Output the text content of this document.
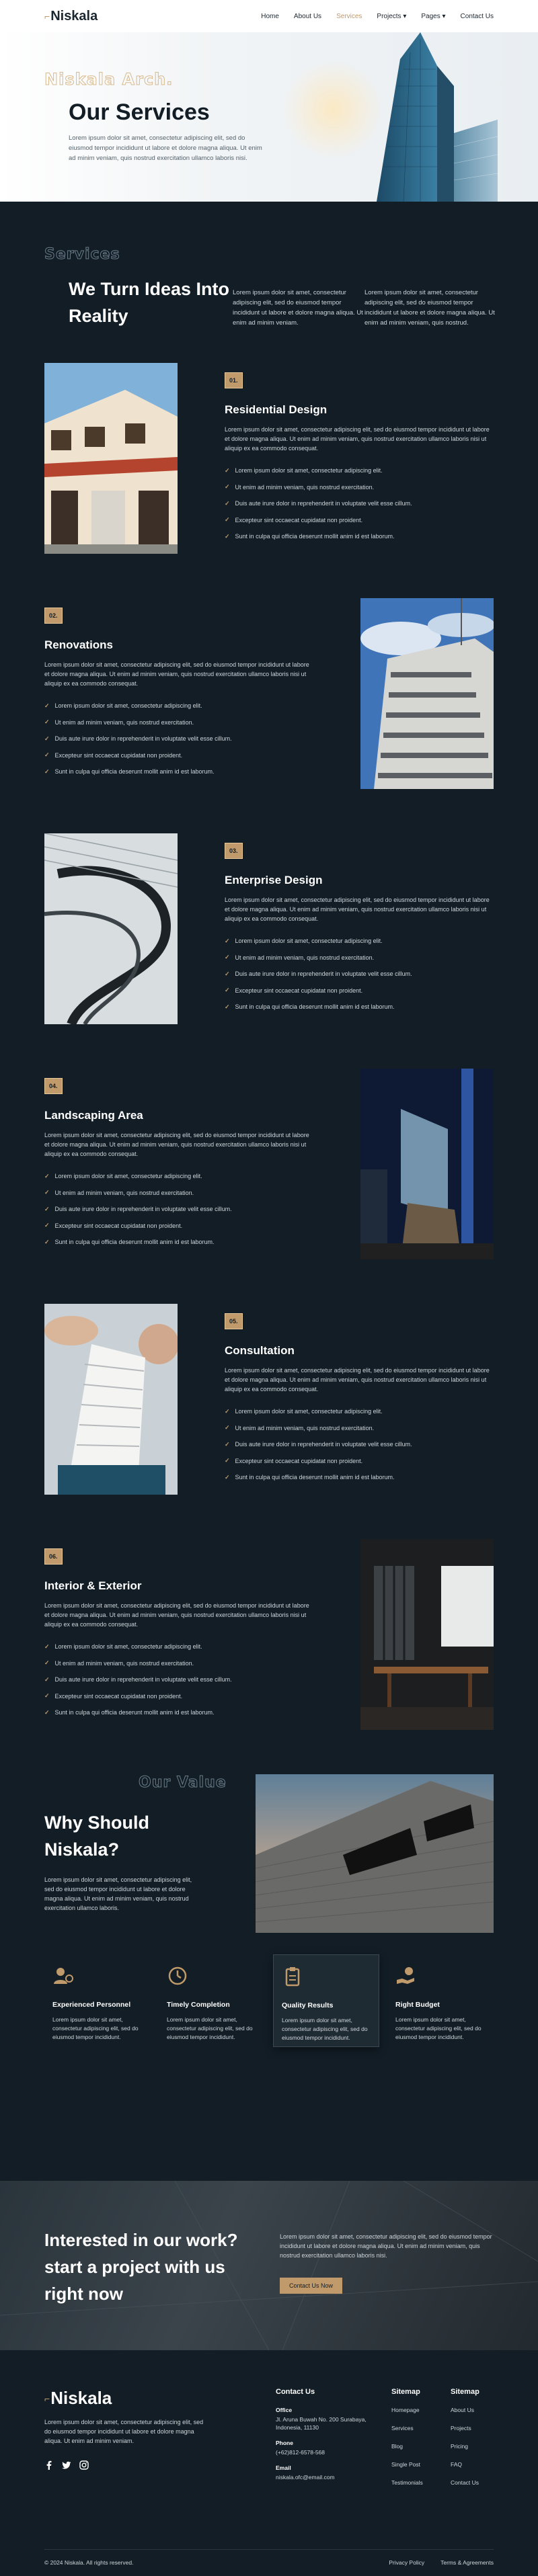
⌐ Niskala	Home About Us Services Projects ▾ Pages ▾ Contact Us
Niskala Arch.
Our Services
Lorem ipsum dolor sit amet, consectetur adipiscing elit, sed do eiusmod tempor incididunt ut labore et dolore magna aliqua. Ut enim ad minim veniam, quis nostrud exercitation ullamco laboris nisi.
Services
We Turn Ideas Into Reality
Lorem ipsum dolor sit amet, consectetur adipiscing elit, sed do eiusmod tempor incididunt ut labore et dolore magna aliqua. Ut enim ad minim veniam.
Lorem ipsum dolor sit amet, consectetur adipiscing elit, sed do eiusmod tempor incididunt ut labore et dolore magna aliqua. Ut enim ad minim veniam, quis nostrud.
01.
Residential Design
Lorem ipsum dolor sit amet, consectetur adipiscing elit, sed do eiusmod tempor incididunt ut labore et dolore magna aliqua. Ut enim ad minim veniam, quis nostrud exercitation ullamco laboris nisi ut aliquip ex ea commodo consequat.
✓ Lorem ipsum dolor sit amet, consectetur adipiscing elit.
✓ Ut enim ad minim veniam, quis nostrud exercitation.
✓ Duis aute irure dolor in reprehenderit in voluptate velit esse cillum.
✓ Excepteur sint occaecat cupidatat non proident.
✓ Sunt in culpa qui officia deserunt mollit anim id est laborum.
02.
Renovations
Lorem ipsum dolor sit amet, consectetur adipiscing elit, sed do eiusmod tempor incididunt ut labore et dolore magna aliqua. Ut enim ad minim veniam, quis nostrud exercitation ullamco laboris nisi ut aliquip ex ea commodo consequat.
✓ Lorem ipsum dolor sit amet, consectetur adipiscing elit.
✓ Ut enim ad minim veniam, quis nostrud exercitation.
✓ Duis aute irure dolor in reprehenderit in voluptate velit esse cillum.
✓ Excepteur sint occaecat cupidatat non proident.
✓ Sunt in culpa qui officia deserunt mollit anim id est laborum.
03.
Enterprise Design
Lorem ipsum dolor sit amet, consectetur adipiscing elit, sed do eiusmod tempor incididunt ut labore et dolore magna aliqua. Ut enim ad minim veniam, quis nostrud exercitation ullamco laboris nisi ut aliquip ex ea commodo consequat.
✓ Lorem ipsum dolor sit amet, consectetur adipiscing elit.
✓ Ut enim ad minim veniam, quis nostrud exercitation.
✓ Duis aute irure dolor in reprehenderit in voluptate velit esse cillum.
✓ Excepteur sint occaecat cupidatat non proident.
✓ Sunt in culpa qui officia deserunt mollit anim id est laborum.
04.
Landscaping Area
Lorem ipsum dolor sit amet, consectetur adipiscing elit, sed do eiusmod tempor incididunt ut labore et dolore magna aliqua. Ut enim ad minim veniam, quis nostrud exercitation ullamco laboris nisi ut aliquip ex ea commodo consequat.
✓ Lorem ipsum dolor sit amet, consectetur adipiscing elit.
✓ Ut enim ad minim veniam, quis nostrud exercitation.
✓ Duis aute irure dolor in reprehenderit in voluptate velit esse cillum.
✓ Excepteur sint occaecat cupidatat non proident.
✓ Sunt in culpa qui officia deserunt mollit anim id est laborum.
05.
Consultation
Lorem ipsum dolor sit amet, consectetur adipiscing elit, sed do eiusmod tempor incididunt ut labore et dolore magna aliqua. Ut enim ad minim veniam, quis nostrud exercitation ullamco laboris nisi ut aliquip ex ea commodo consequat.
✓ Lorem ipsum dolor sit amet, consectetur adipiscing elit.
✓ Ut enim ad minim veniam, quis nostrud exercitation.
✓ Duis aute irure dolor in reprehenderit in voluptate velit esse cillum.
✓ Excepteur sint occaecat cupidatat non proident.
✓ Sunt in culpa qui officia deserunt mollit anim id est laborum.
06.
Interior & Exterior
Lorem ipsum dolor sit amet, consectetur adipiscing elit, sed do eiusmod tempor incididunt ut labore et dolore magna aliqua. Ut enim ad minim veniam, quis nostrud exercitation ullamco laboris nisi ut aliquip ex ea commodo consequat.
✓ Lorem ipsum dolor sit amet, consectetur adipiscing elit.
✓ Ut enim ad minim veniam, quis nostrud exercitation.
✓ Duis aute irure dolor in reprehenderit in voluptate velit esse cillum.
✓ Excepteur sint occaecat cupidatat non proident.
✓ Sunt in culpa qui officia deserunt mollit anim id est laborum.
Our Value
Why Should Niskala?
Lorem ipsum dolor sit amet, consectetur adipiscing elit, sed do eiusmod tempor incididunt ut labore et dolore magna aliqua. Ut enim ad minim veniam, quis nostrud exercitation ullamco laboris.
Experienced Personnel
Lorem ipsum dolor sit amet, consectetur adipiscing elit, sed do eiusmod tempor incididunt.
Timely Completion
Lorem ipsum dolor sit amet, consectetur adipiscing elit, sed do eiusmod tempor incididunt.
Quality Results
Lorem ipsum dolor sit amet, consectetur adipiscing elit, sed do eiusmod tempor incididunt.
Right Budget
Lorem ipsum dolor sit amet, consectetur adipiscing elit, sed do eiusmod tempor incididunt.
Interested in our work? start a project with us right now
Lorem ipsum dolor sit amet, consectetur adipiscing elit, sed do eiusmod tempor incididunt ut labore et dolore magna aliqua. Ut enim ad minim veniam, quis nostrud exercitation ullamco laboris nisi.
Contact Us Now
⌐ Niskala
Lorem ipsum dolor sit amet, consectetur adipiscing elit, sed do eiusmod tempor incididunt ut labore et dolore magna aliqua. Ut enim ad minim veniam.
Contact Us
Office
Jl. Aruna Buwah No. 200 Surabaya, Indonesia, 11130
Phone
(+62)812-6578-568
Email
niskala.ofc@email.com
Sitemap
Homepage
Services
Blog
Single Post
Testimonials
Sitemap
About Us
Projects
Pricing
FAQ
Contact Us
© 2024 Niskala. All rights reserved.	Privacy Policy	Terms & Agreements
